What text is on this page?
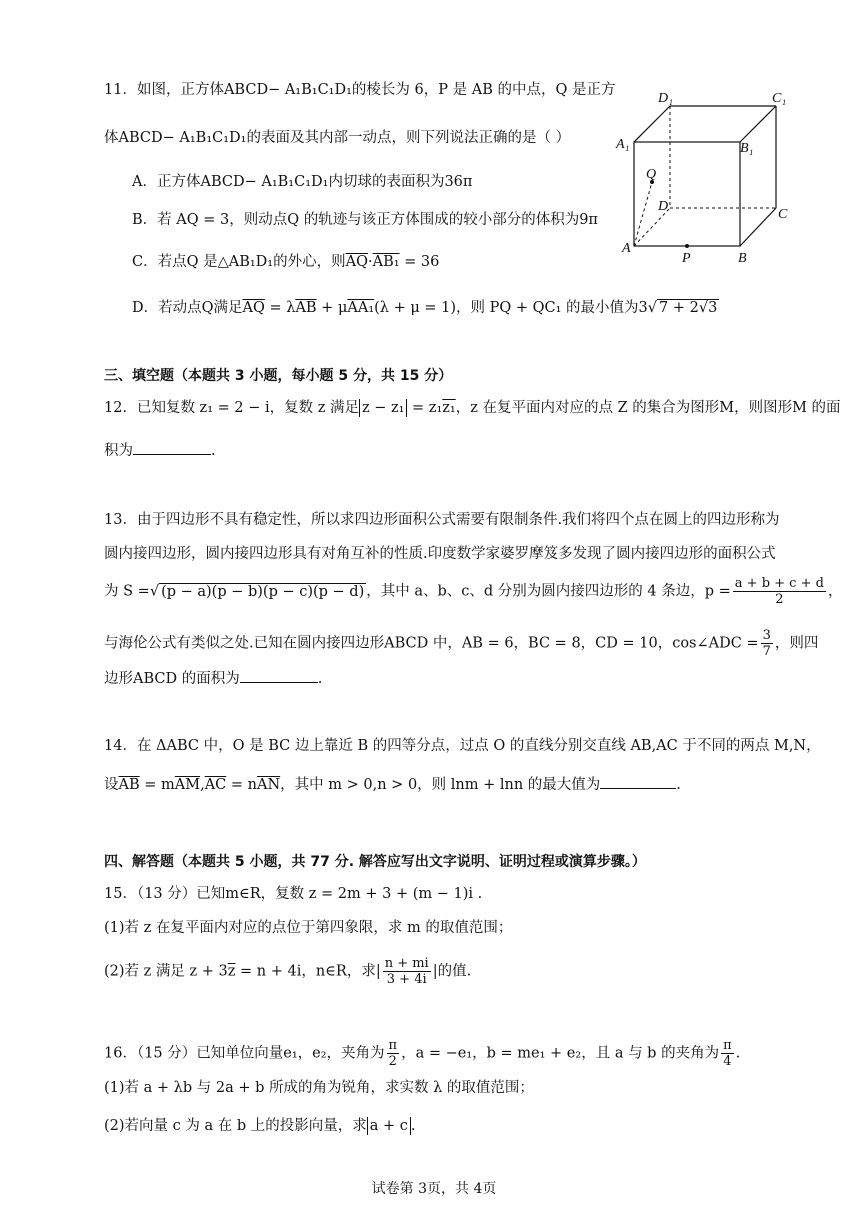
11．如图，正方体ABCD− A₁B₁C₁D₁的棱长为 6，P 是 AB 的中点，Q 是正方
体ABCD− A₁B₁C₁D₁的表面及其内部一动点，则下列说法正确的是（ ）
A．正方体ABCD− A₁B₁C₁D₁内切球的表面积为36π
B．若 AQ = 3，则动点Q 的轨迹与该正方体围成的较小部分的体积为9π
C．若点Q 是△AB₁D₁的外心，则$\overline{AQ}\cdot AB_1 = 36$
D．若动点Q满足$\overline{AQ} = \lambda\overline{AB} + \mu AA_1(\lambda + \mu = 1)$，则 PQ + QC₁ 的最小值为3√ 7 + 2√3
D₁	C₁
A₁	B₁
Q
D
C
A
P	B
三、填空题（本题共 3 小题，每小题 5 分，共 15 分）
12．已知复数 z₁ = 2 − i，复数 z 满足 z − z₁ = z₁z₁，z 在复平面内对应的点 Z 的集合为图形M，则图形M 的面
积为	.
13．由于四边形不具有稳定性，所以求四边形面积公式需要有限制条件.我们将四个点在圆上的四边形称为
圆内接四边形，圆内接四边形具有对角互补的性质.印度数学家婆罗摩笈多发现了圆内接四边形的面积公式
为 S =√ (p − a)(p − b)(p − c)(p − d) ，其中 a、b、c、d 分别为圆内接四边形的 4 条边，$p = \frac{a + b + c + d}{2}$ ，
与海伦公式有类似之处.已知在圆内接四边形ABCD 中，AB = 6，BC = 8，CD = 10，cos∠ADC = $\frac{3}{7}$ ，则四
边形ABCD 的面积为	.
14．在 ΔABC 中，O 是 BC 边上靠近 B 的四等分点，过点 O 的直线分别交直线 AB,AC 于不同的两点 M,N，
设$\overline{AB} = m\overline{AM},\overline{AC} = n\overline{AN}$，其中 m > 0,n > 0，则 lnm + lnn 的最大值为	.
四、解答题（本题共 5 小题，共 77 分. 解答应写出文字说明、证明过程或演算步骤。）
15．（13 分）已知m∈R，复数 z = 2m + 3 + (m − 1)i .
(1)若 z 在复平面内对应的点位于第四象限，求 m 的取值范围；
(2)若 z 满足 $z + 3\overline{z} = n + 4i$，n∈R，求| $\frac{n + mi}{3 + 4i}$ |的值.
16．（15 分）已知单位向量e₁，e₂，夹角为 $\frac{\pi}{2}$ ，a = −e₁，b = me₁ + e₂，且 a 与 b 的夹角为 $\frac{\pi}{4}$ .
(1)若 a + λb 与 2a + b 所成的角为锐角，求实数 λ 的取值范围；
(2)若向量 c 为 a 在 b 上的投影向量，求 a + c .
试卷第 3页，共 4页
